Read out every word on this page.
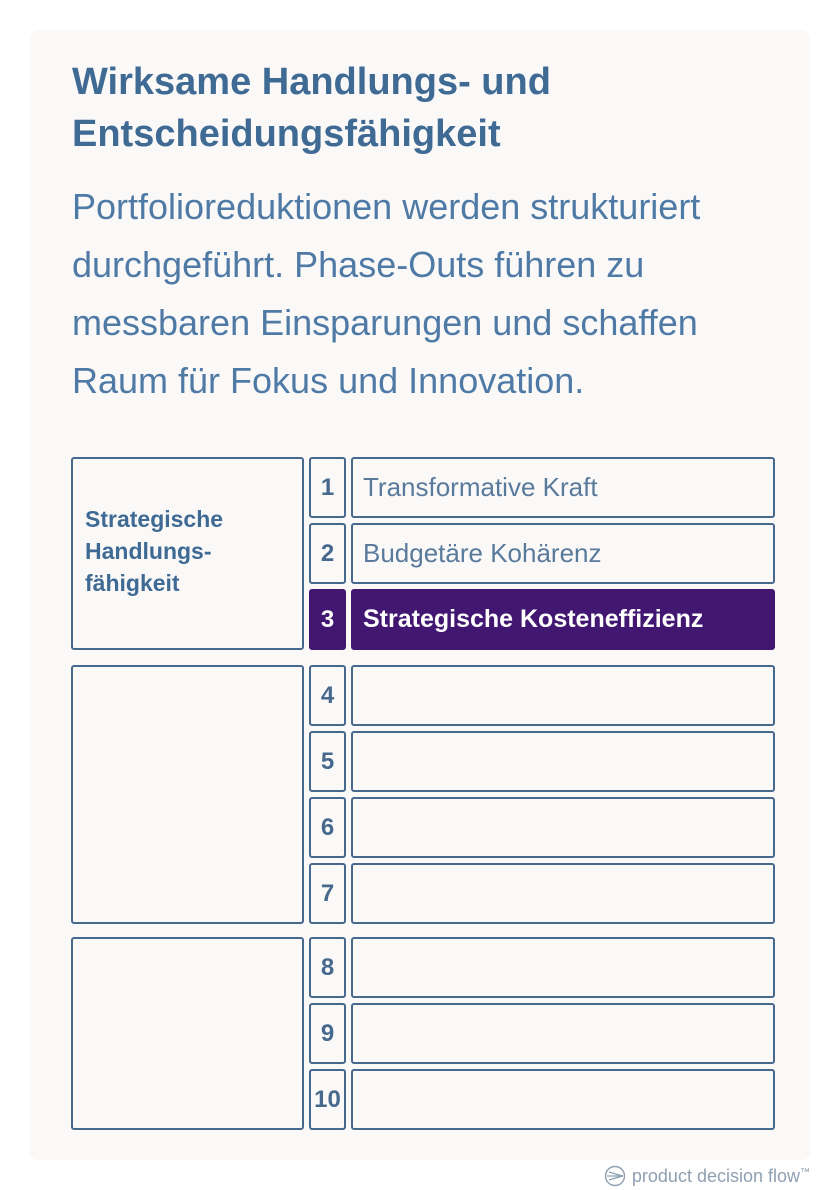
Wirksame Handlungs- und
Entscheidungsfähigkeit

Portfolioreduktionen werden strukturiert
durchgeführt. Phase-Outs führen zu
messbaren Einsparungen und schaffen
Raum für Fokus und Innovation.

Strategische
Handlungs-
fähigkeit
1	Transformative Kraft
2	Budgetäre Kohärenz
3	Strategische Kosteneffizienz
4
5
6
7
8
9
10
product decision flow™
